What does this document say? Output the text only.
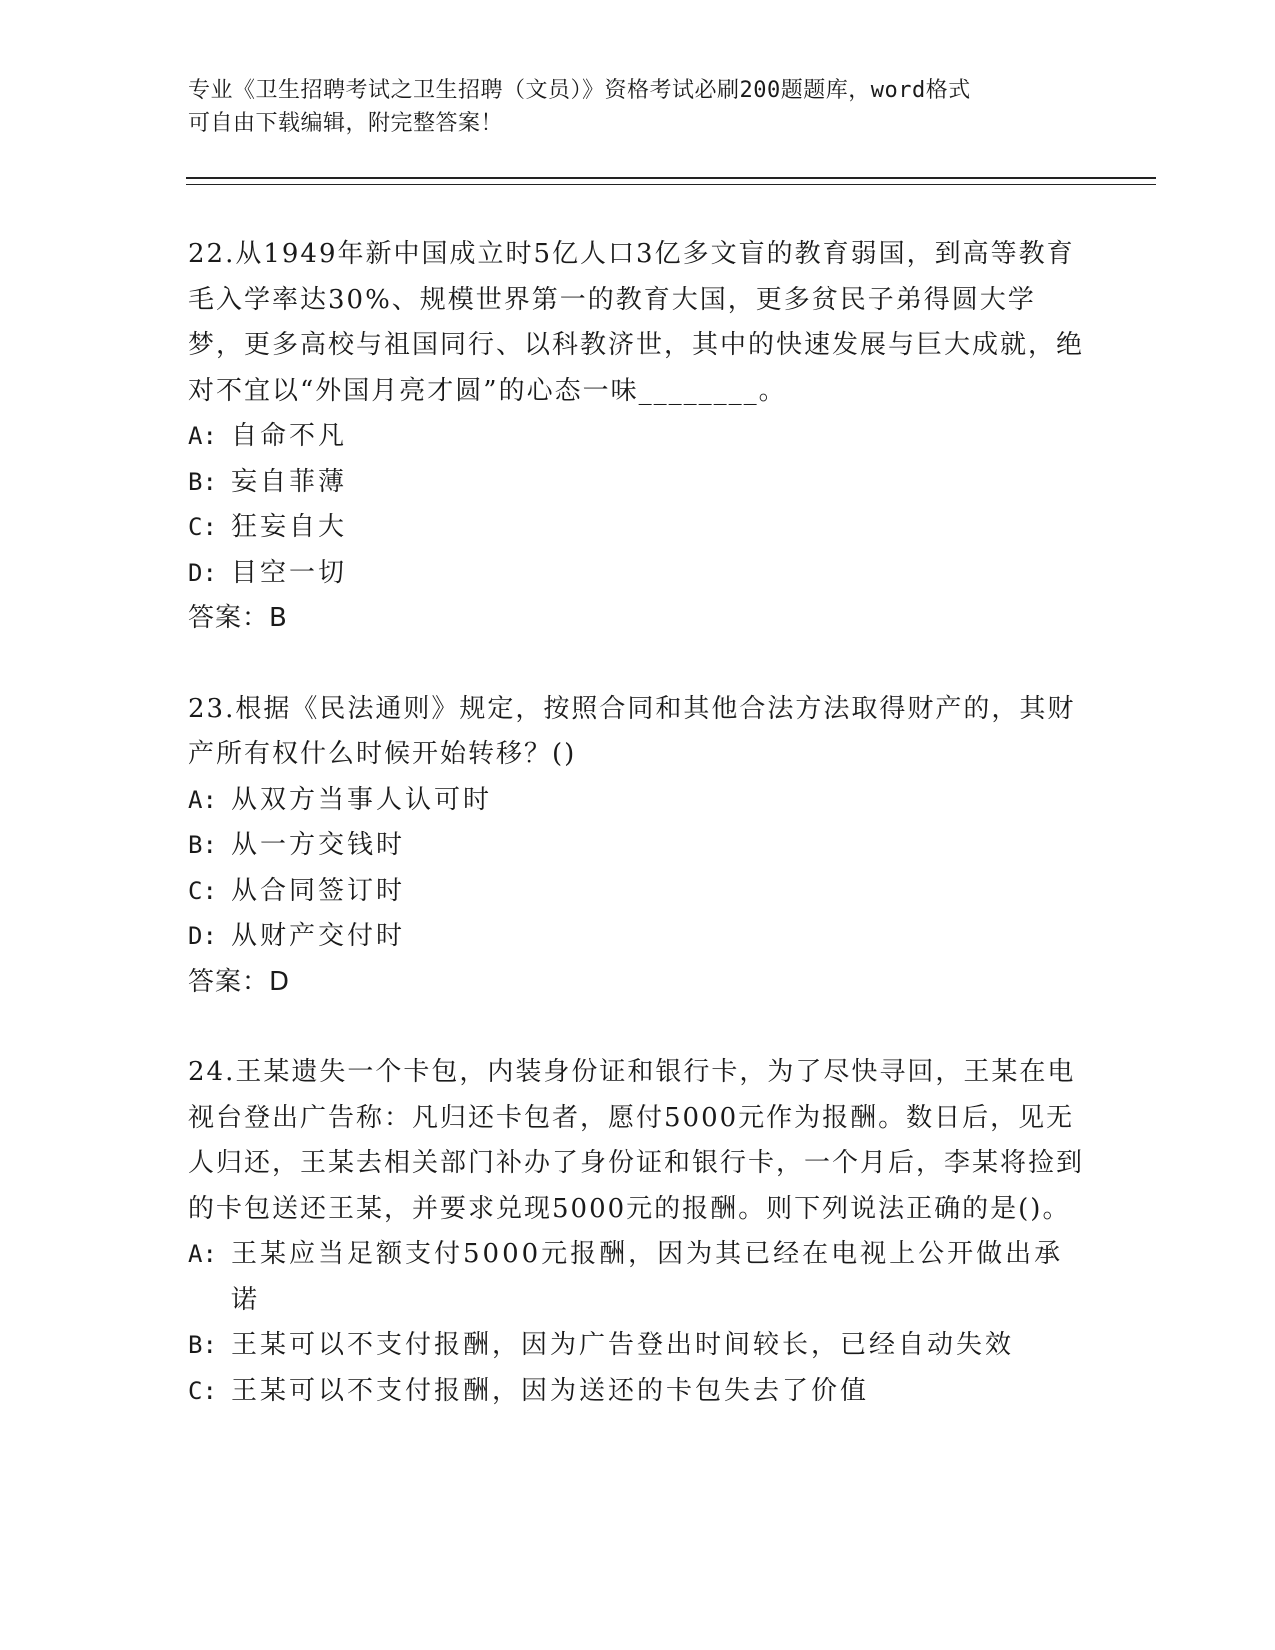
专业《卫生招聘考试之卫生招聘（文员）》资格考试必刷200题题库，word格式
可自由下载编辑，附完整答案！
22.从1949年新中国成立时5亿人口3亿多文盲的教育弱国，到高等教育毛入学率达30%、规模世界第一的教育大国，更多贫民子弟得圆大学梦，更多高校与祖国同行、以科教济世，其中的快速发展与巨大成就，绝对不宜以“外国月亮才圆”的心态一味________。
A: 自命不凡
B: 妄自菲薄
C: 狂妄自大
D: 目空一切
答案：B
23.根据《民法通则》规定，按照合同和其他合法方法取得财产的，其财产所有权什么时候开始转移？()
A: 从双方当事人认可时
B: 从一方交钱时
C: 从合同签订时
D: 从财产交付时
答案：D
24.王某遗失一个卡包，内装身份证和银行卡，为了尽快寻回，王某在电视台登出广告称：凡归还卡包者，愿付5000元作为报酬。数日后，见无人归还，王某去相关部门补办了身份证和银行卡，一个月后，李某将捡到的卡包送还王某，并要求兑现5000元的报酬。则下列说法正确的是()。
A: 王某应当足额支付5000元报酬，因为其已经在电视上公开做出承诺
B: 王某可以不支付报酬，因为广告登出时间较长，已经自动失效
C: 王某可以不支付报酬，因为送还的卡包失去了价值
